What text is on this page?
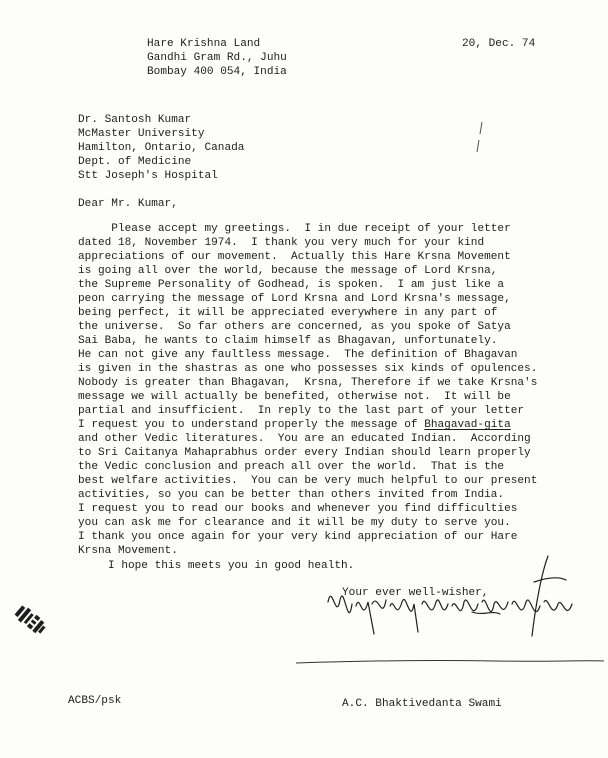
Hare Krishna Land
Gandhi Gram Rd., Juhu
Bombay 400 054, India
20, Dec. 74
Dr. Santosh Kumar
McMaster University
Hamilton, Ontario, Canada
Dept. of Medicine
Stt Joseph's Hospital
Dear Mr. Kumar,
Please accept my greetings.  I in due receipt of your letter
dated 18, November 1974.  I thank you very much for your kind
appreciations of our movement.  Actually this Hare Krsna Movement
is going all over the world, because the message of Lord Krsna,
the Supreme Personality of Godhead, is spoken.  I am just like a
peon carrying the message of Lord Krsna and Lord Krsna's message,
being perfect, it will be appreciated everywhere in any part of
the universe.  So far others are concerned, as you spoke of Satya
Sai Baba, he wants to claim himself as Bhagavan, unfortunately.
He can not give any faultless message.  The definition of Bhagavan
is given in the shastras as one who possesses six kinds of opulences.
Nobody is greater than Bhagavan,  Krsna, Therefore if we take Krsna's
message we will actually be benefited, otherwise not.  It will be
partial and insufficient.  In reply to the last part of your letter
I request you to understand properly the message of Bhagavad-gita
and other Vedic literatures.  You are an educated Indian.  According
to Sri Caitanya Mahaprabhus order every Indian should learn properly
the Vedic conclusion and preach all over the world.  That is the
best welfare activities.  You can be very much helpful to our present
activities, so you can be better than others invited from India.
I request you to read our books and whenever you find difficulties
you can ask me for clearance and it will be my duty to serve you.
I thank you once again for your very kind appreciation of our Hare
Krsna Movement.
I hope this meets you in good health.
Your ever well-wisher,
A.C. Bhaktivedanta Swami
ACBS/psk
